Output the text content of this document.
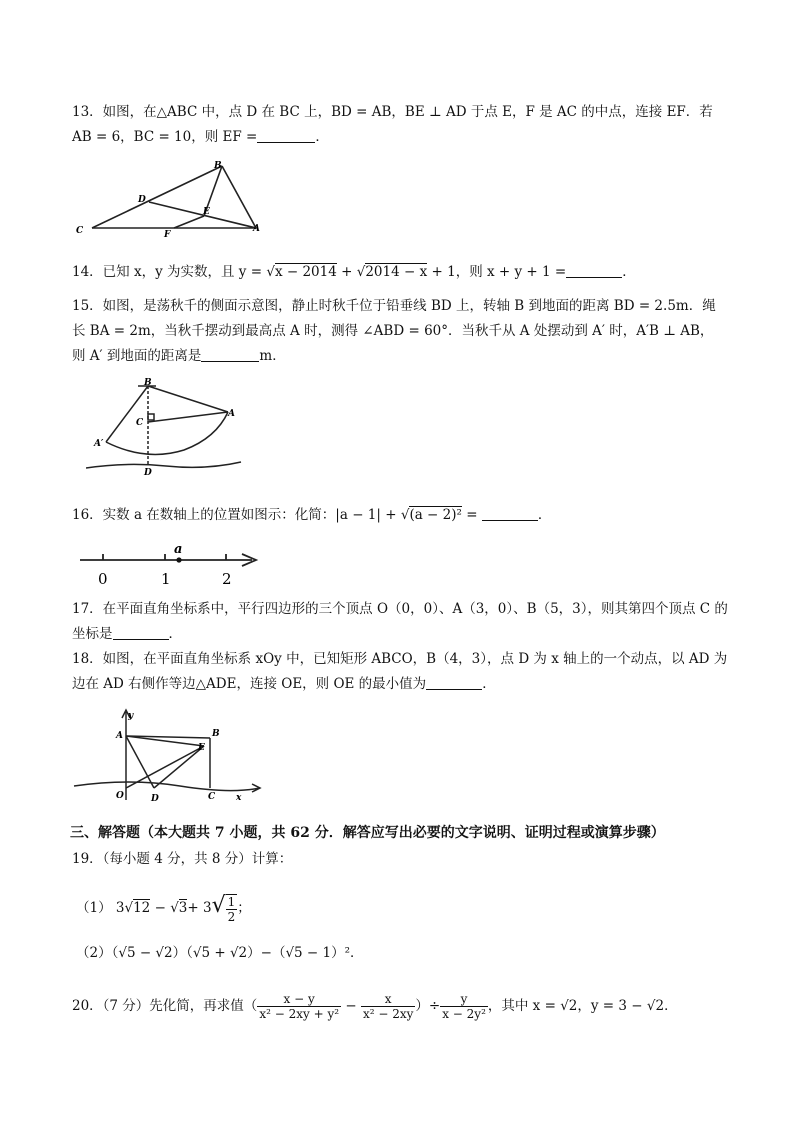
13．如图，在△ABC 中，点 D 在 BC 上，BD = AB，BE ⊥ AD 于点 E，F 是 AC 的中点，连接 EF．若
AB = 6，BC = 10，则 EF =	．
B
D
E
C	F
A
14．已知 x，y 为实数，且 y = √x − 2014 + √2014 − x + 1，则 x + y + 1 =	．
15．如图，是荡秋千的侧面示意图，静止时秋千位于铅垂线 BD 上，转轴 B 到地面的距离 BD = 2.5m．绳
长 BA = 2m，当秋千摆动到最高点 A 时，测得 ∠ABD = 60°．当秋千从 A 处摆动到 A′ 时，A′B ⊥ AB，
则 A′ 到地面的距离是	m．
B
C
A
A′
D
16．实数 a 在数轴上的位置如图示：化简：|a − 1| + √(a − 2)² =	．
a
0	1	2
17．在平面直角坐标系中，平行四边形的三个顶点 O（0，0）、A（3，0）、B（5，3），则其第四个顶点 C 的
坐标是	．
18．如图，在平面直角坐标系 xOy 中，已知矩形 ABCO，B（4，3），点 D 为 x 轴上的一个动点，以 AD 为
边在 AD 右侧作等边△ADE，连接 OE，则 OE 的最小值为	．
y
A	B
E
O	D	C x
三、解答题（本大题共 7 小题，共 62 分．解答应写出必要的文字说明、证明过程或演算步骤）
19．（每小题 4 分，共 8 分）计算：
（1） $3√12 - √3+ 3√ \frac{1}{2}$ ；
（2）（√5 − √2）（√5 + √2）−（√5 − 1）²．
20．（7 分）先化简，再求值（ $\frac{x - y}{\text{x² − 2xy + y²}} - \frac{x}{\text{x² − 2xy}}$ ）÷ $\frac{y}{\text{x − 2y²}}$ ，其中 x = √2，y = 3 − √2．
